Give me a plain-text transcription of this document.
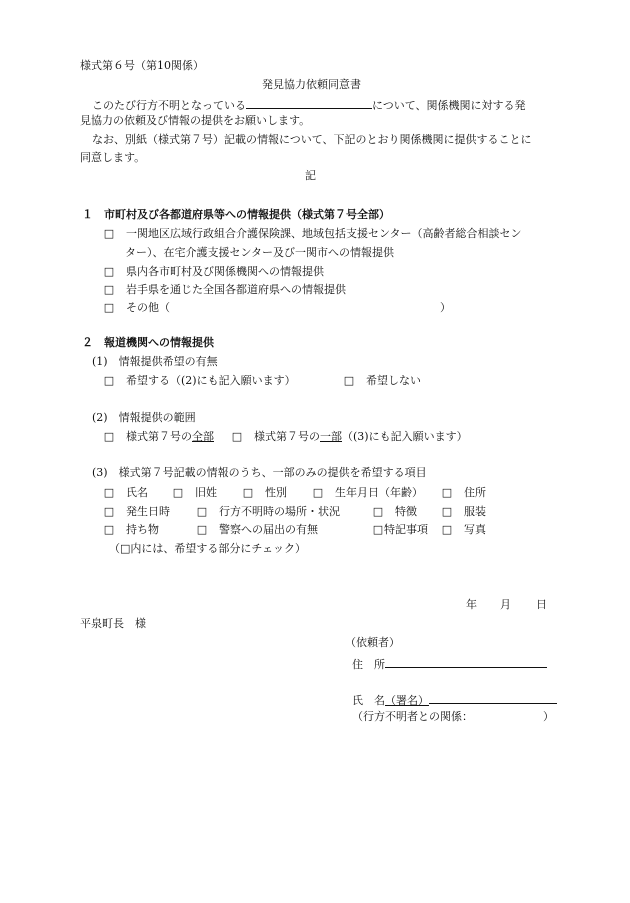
様式第６号（第10関係）
発見協力依頼同意書
このたび行方不明となっている	について、関係機関に対する発
見協力の依頼及び情報の提供をお願いします。
なお、別紙（様式第７号）記載の情報について、下記のとおり関係機関に提供することに
同意します。
記
１　市町村及び各都道府県等への情報提供（様式第７号全部）
□　 一関地区広域行政組合介護保険課、地域包括支援センター（高齢者総合相談セン
ター）、在宅介護支援センター及び一関市への情報提供
□　 県内各市町村及び関係機関への情報提供
□　 岩手県を通じた全国各都道府県への情報提供
□　 その他（	）
２　報道機関への情報提供
(1)　情報提供希望の有無
□　 希望する（(2)にも記入願います）	□　 希望しない
(2)　情報提供の範囲
□　 様式第７号の全部 □　 様式第７号の一部（(3)にも記入願います）
(3)　様式第７号記載の情報のうち、一部のみの提供を希望する項目
□　 氏名 □　 旧姓 □　 性別 □　 生年月日（年齢） □　 住所
□　 発生日時 □　 行方不明時の場所・状況	□　 特徴 □　 服装
□　 持ち物	□　 警察への届出の有無	□特記事項 □　 写真
（□内には、希望する部分にチェック）
年 月 日
平泉町長　様
（依頼者）
住　所
氏　名（署名）
（行方不明者との関係：	）
